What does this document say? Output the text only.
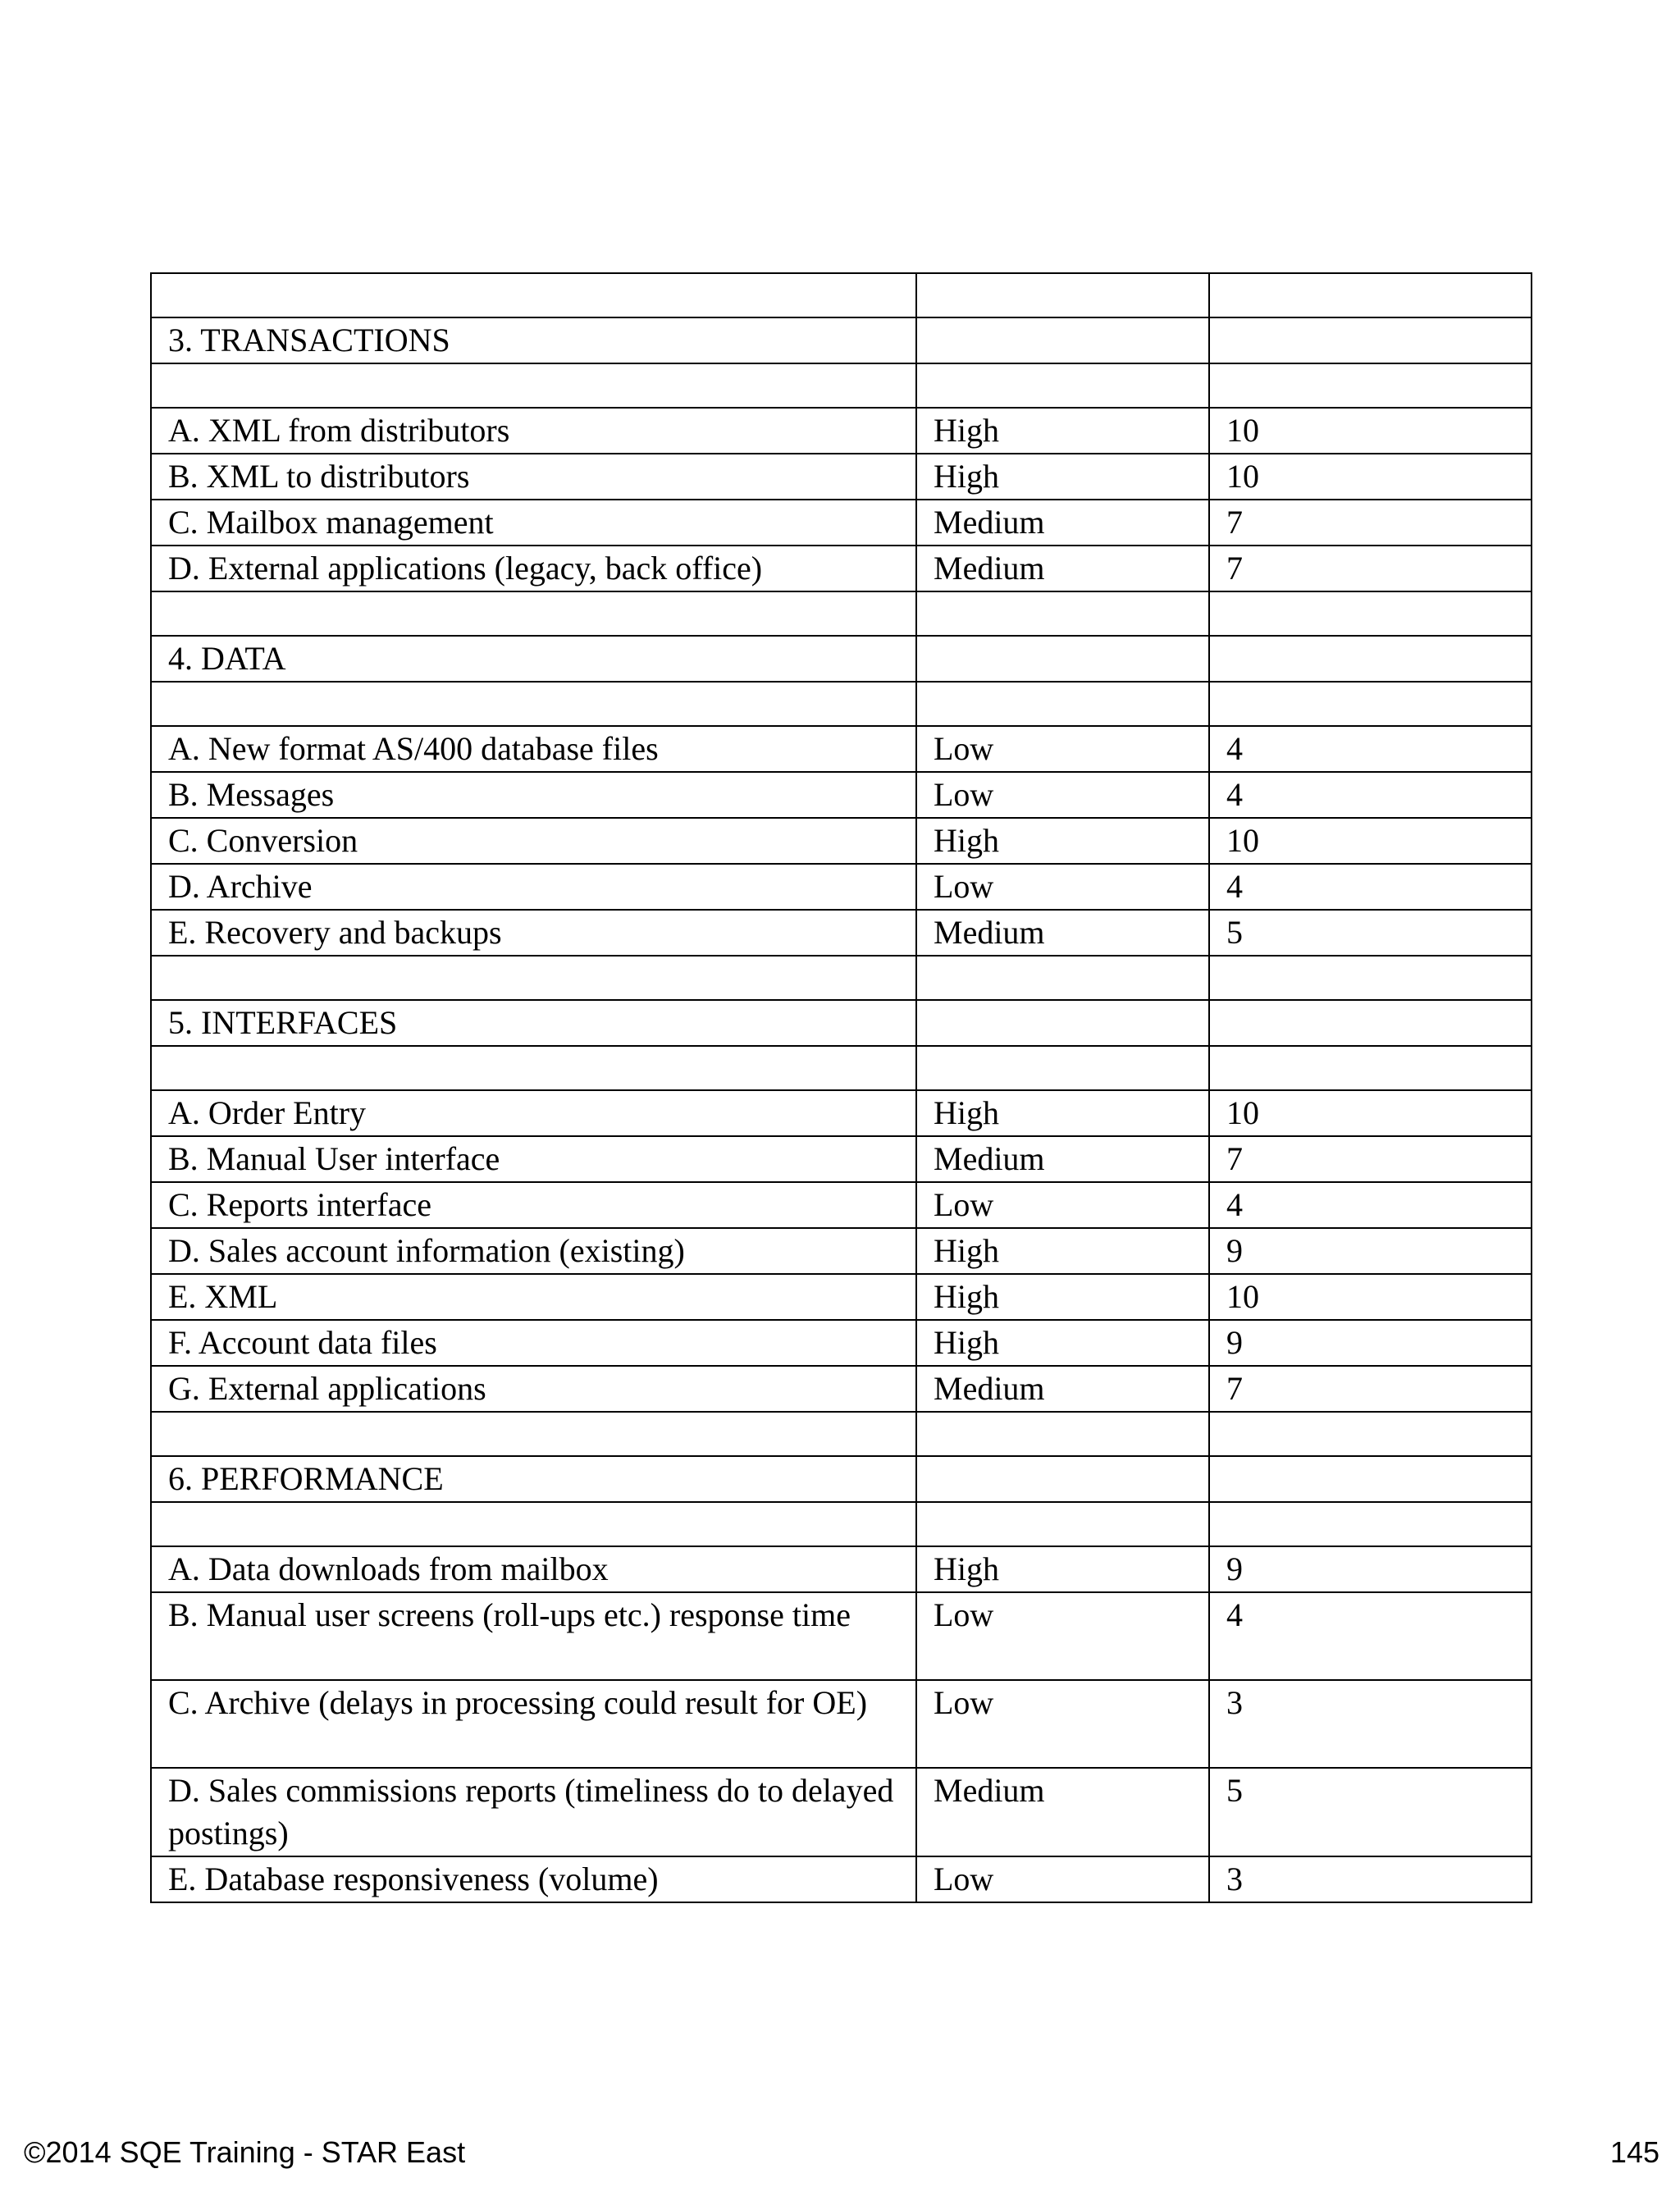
3. TRANSACTIONS		

A. XML from distributors	High	10
B. XML to distributors	High	10
C. Mailbox management	Medium	7
D. External applications (legacy, back office)	Medium	7

4. DATA		

A. New format AS/400 database files	Low	4
B. Messages	Low	4
C. Conversion	High	10
D. Archive	Low	4
E. Recovery and backups	Medium	5

5. INTERFACES		

A. Order Entry	High	10
B. Manual User interface	Medium	7
C. Reports interface	Low	4
D. Sales account information (existing)	High	9
E. XML	High	10
F. Account data files	High	9
G. External applications	Medium	7

6. PERFORMANCE		

A. Data downloads from mailbox	High	9
B. Manual user screens (roll-ups etc.) response time	Low	4
C. Archive (delays in processing could result for OE)	Low	3
D. Sales commissions reports (timeliness do to delayed postings)	Medium	5
E. Database responsiveness (volume)	Low	3
©2014 SQE Training - STAR East	145
